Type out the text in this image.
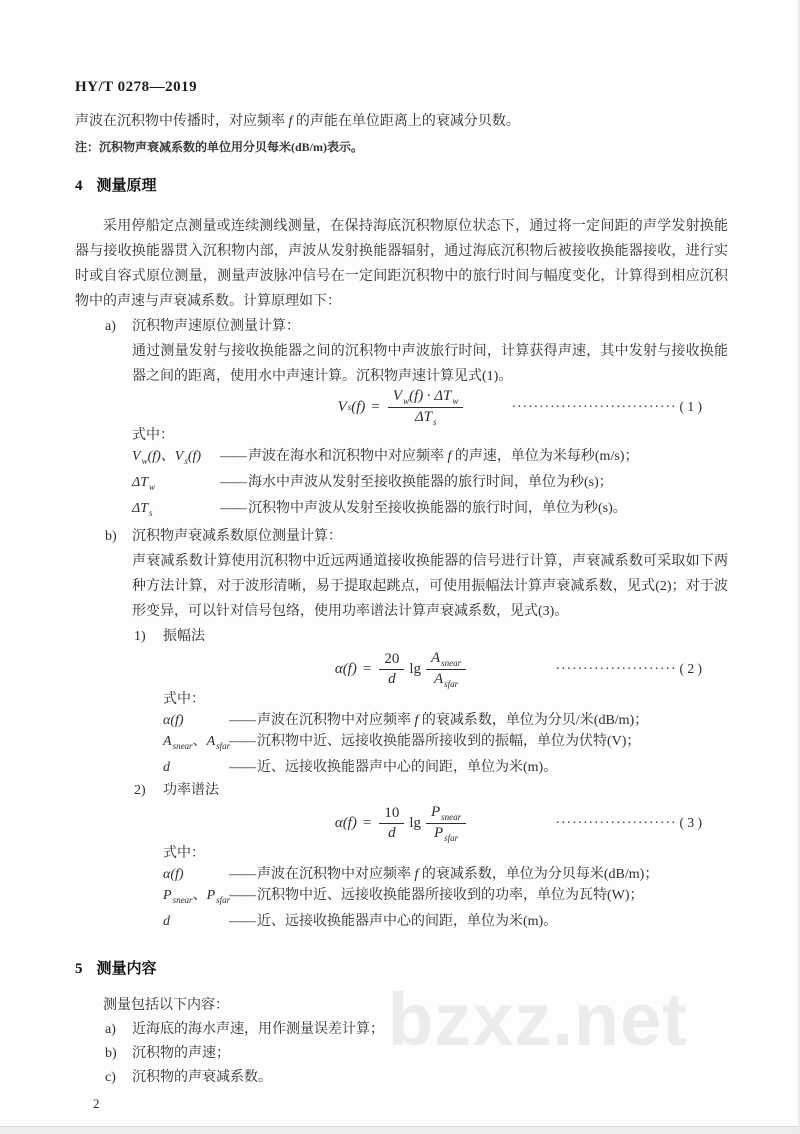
bzxz.net
HY/T 0278—2019
声波在沉积物中传播时，对应频率 f 的声能在单位距离上的衰减分贝数。
注：沉积物声衰减系数的单位用分贝每米(dB/m)表示。
4 测量原理
采用停船定点测量或连续测线测量，在保持海底沉积物原位状态下，通过将一定间距的声学发射换能器与接收换能器贯入沉积物内部，声波从发射换能器辐射，通过海底沉积物后被接收换能器接收，进行实时或自容式原位测量，测量声波脉冲信号在一定间距沉积物中的旅行时间与幅度变化，计算得到相应沉积物中的声速与声衰减系数。计算原理如下：
a)	沉积物声速原位测量计算：
通过测量发射与接收换能器之间的沉积物中声波旅行时间，计算获得声速，其中发射与接收换能器之间的距离，使用水中声速计算。沉积物声速计算见式(1)。
V s $(f) = \frac{V_w(f) \cdot \Delta T_w}{\Delta T_s}$	······························ ( 1 )
式中：
$V_w(f)$、$V_s(f)$	—— 声波在海水和沉积物中对应频率 f 的声速，单位为米每秒(m/s)；
$\Delta T_w$	—— 海水中声波从发射至接收换能器的旅行时间，单位为秒(s)；
$\Delta T_s$	—— 沉积物中声波从发射至接收换能器的旅行时间，单位为秒(s)。
b)	沉积物声衰减系数原位测量计算：
声衰减系数计算使用沉积物中近远两通道接收换能器的信号进行计算，声衰减系数可采取如下两种方法计算，对于波形清晰，易于提取起跳点，可使用振幅法计算声衰减系数，见式(2)；对于波形变异，可以针对信号包络，使用功率谱法计算声衰减系数，见式(3)。
1)	振幅法
α $(f) = \frac{20}{d}$ $\lg \frac{A_{snear}}{A_{sfar}}$	······················ ( 2 )
式中：
α(f)	—— 声波在沉积物中对应频率 f 的衰减系数，单位为分贝/米(dB/m)；
$A_{snear}$、$A_{sfar}$
—— 沉积物中近、远接收换能器所接收到的振幅，单位为伏特(V)；
d	—— 近、远接收换能器声中心的间距，单位为米(m)。
2)	功率谱法
α $(f) = \frac{10}{d}$ $\lg \frac{P_{snear}}{P_{sfar}}$	······················ ( 3 )
式中：
α(f)	—— 声波在沉积物中对应频率 f 的衰减系数，单位为分贝每米(dB/m)；
$P_{snear}$、$P_{sfar}$
—— 沉积物中近、远接收换能器所接收到的功率，单位为瓦特(W)；
d	—— 近、远接收换能器声中心的间距，单位为米(m)。
5 测量内容
测量包括以下内容：
a)	近海底的海水声速，用作测量误差计算；
b)	沉积物的声速；
c)	沉积物的声衰减系数。
2
